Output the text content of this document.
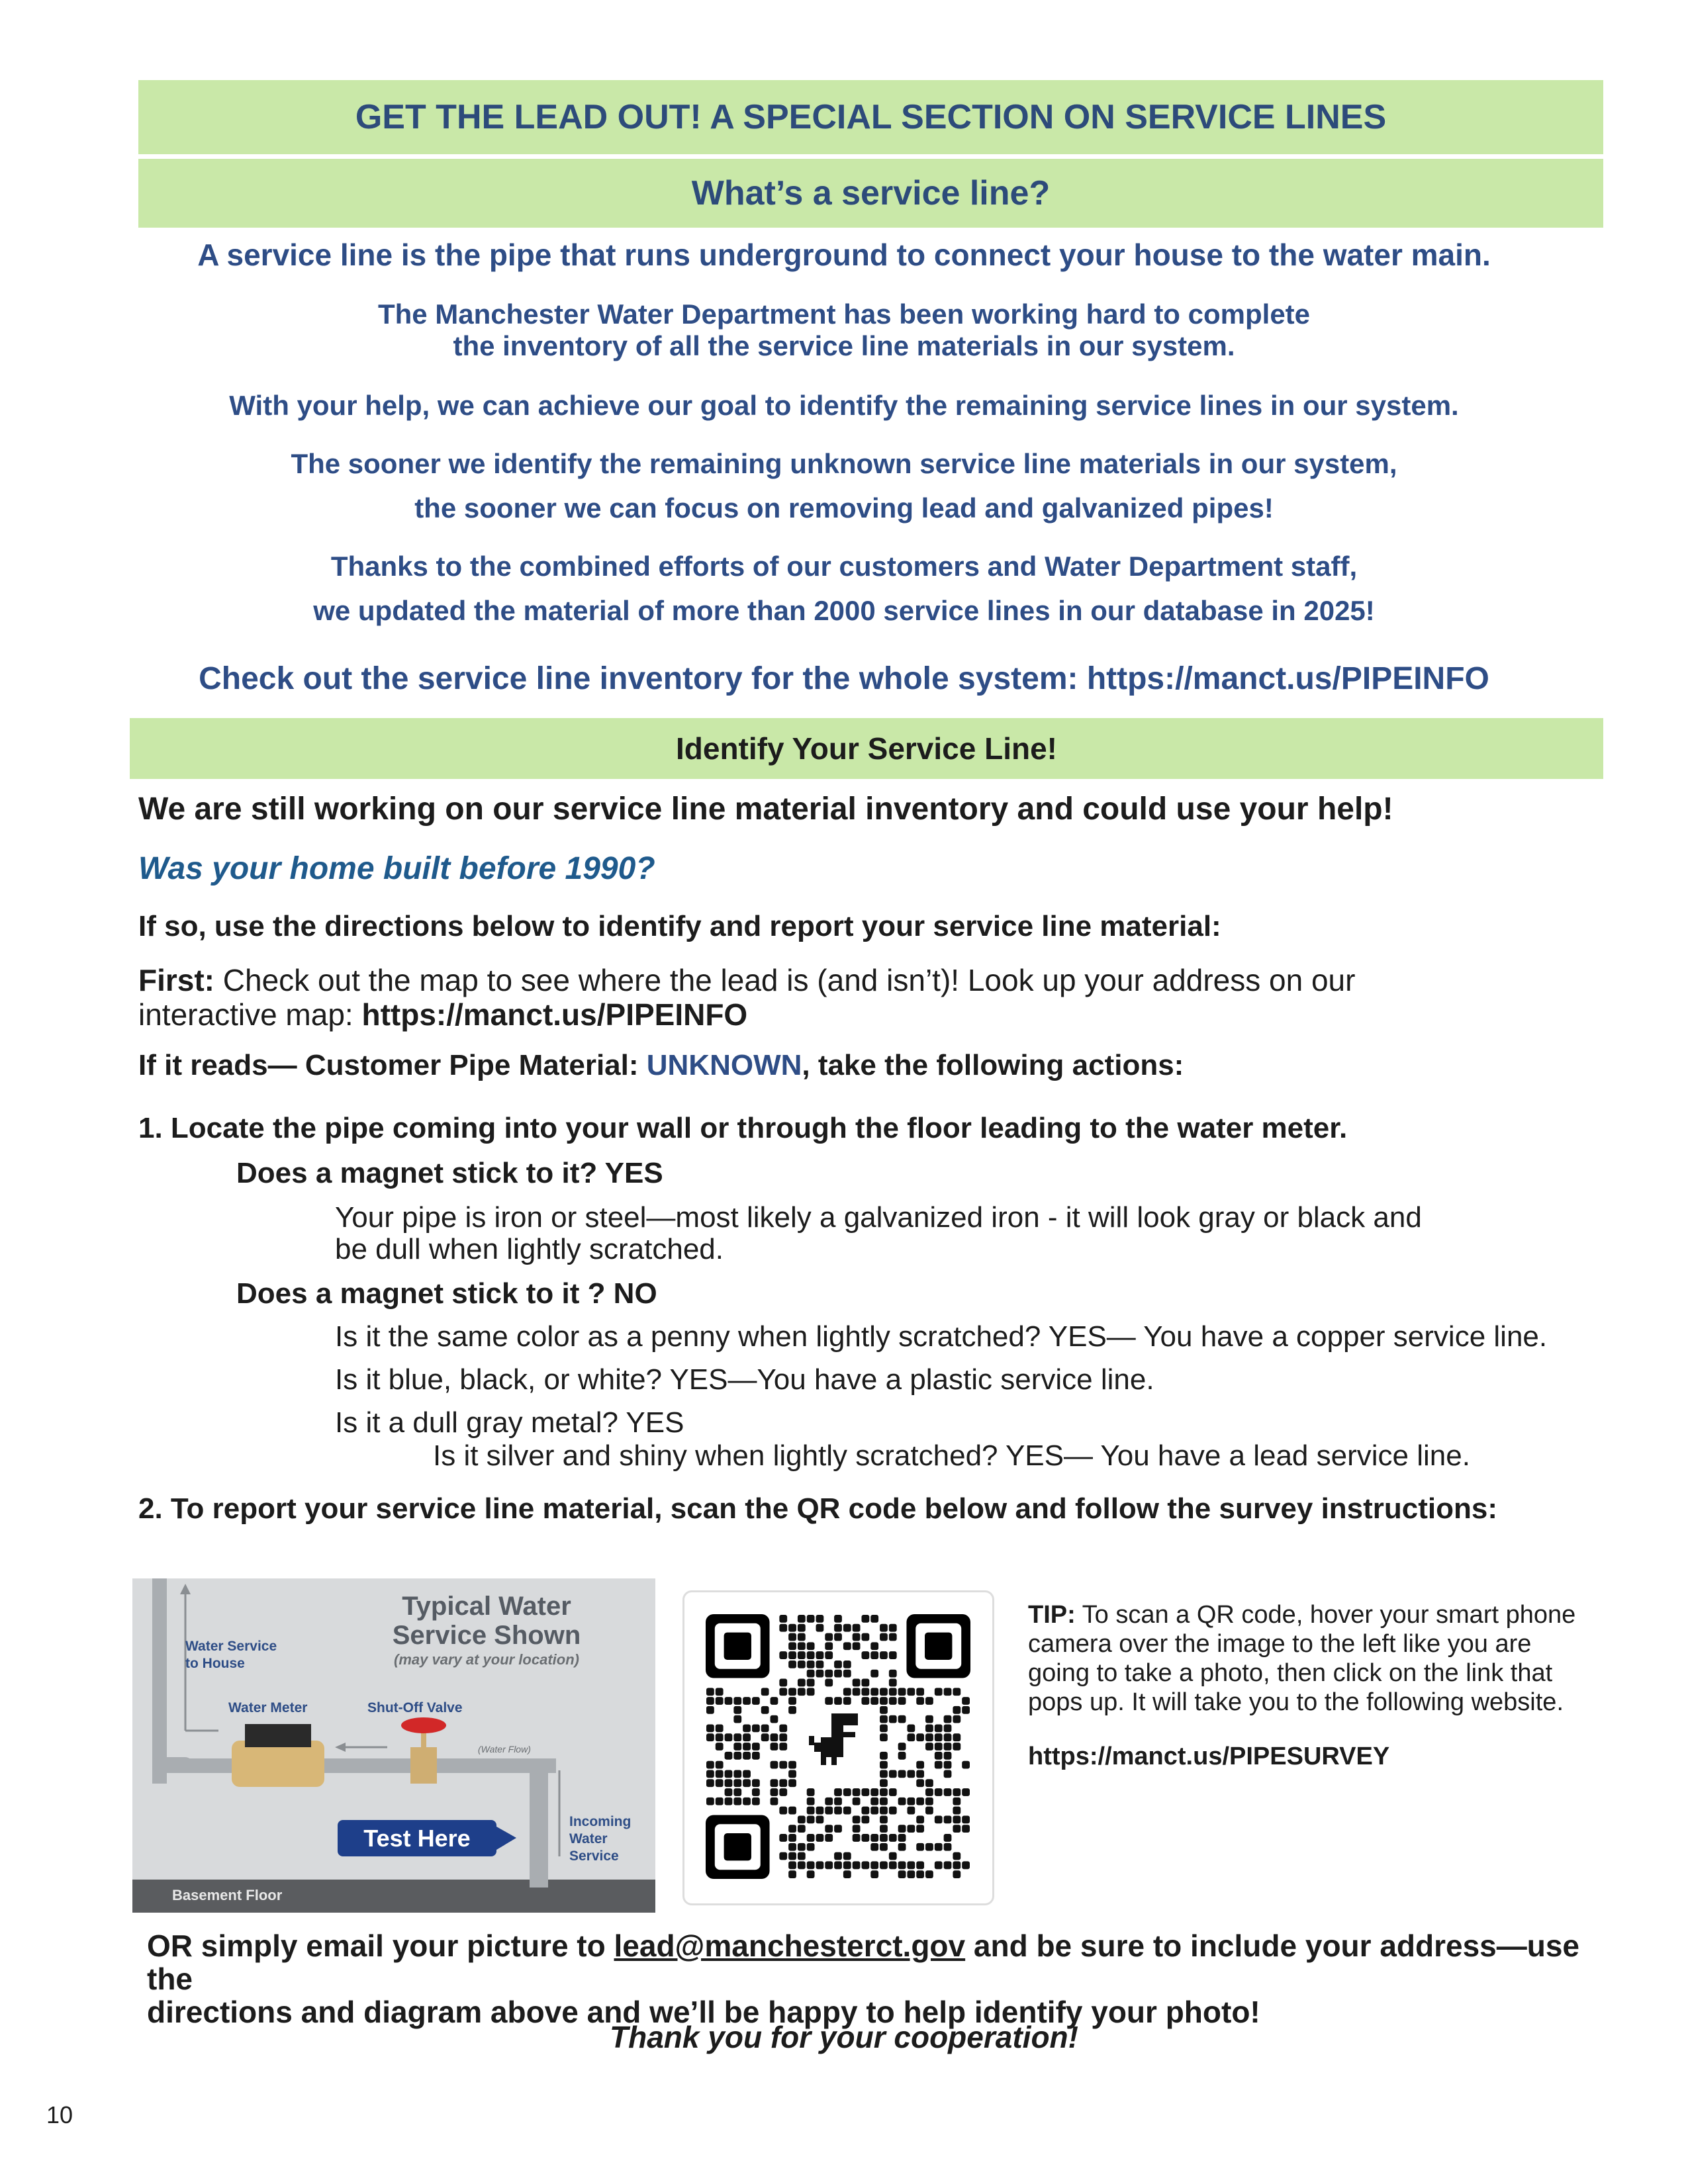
GET THE LEAD OUT! A SPECIAL SECTION ON SERVICE LINES
What’s a service line?
A service line is the pipe that runs underground to connect your house to the water main.
The Manchester Water Department has been working hard to complete
the inventory of all the service line materials in our system.
With your help, we can achieve our goal to identify the remaining service lines in our system.
The sooner we identify the remaining unknown service line materials in our system,
the sooner we can focus on removing lead and galvanized pipes!
Thanks to the combined efforts of our customers and Water Department staff,
we updated the material of more than 2000 service lines in our database in 2025!
Check out the service line inventory for the whole system: https://manct.us/PIPEINFO
Identify Your Service Line!
We are still working on our service line material inventory and could use your help!
Was your home built before 1990?
If so, use the directions below to identify and report your service line material:
First: Check out the map to see where the lead is (and isn’t)! Look up your address on our
interactive map: https://manct.us/PIPEINFO
If it reads— Customer Pipe Material: UNKNOWN, take the following actions:
1. Locate the pipe coming into your wall or through the floor leading to the water meter.
Does a magnet stick to it? YES
Your pipe is iron or steel—most likely a galvanized iron - it will look gray or black and
be dull when lightly scratched.
Does a magnet stick to it ? NO
Is it the same color as a penny when lightly scratched? YES— You have a copper service line.
Is it blue, black, or white? YES—You have a plastic service line.
Is it a dull gray metal? YES
Is it silver and shiny when lightly scratched? YES— You have a lead service line.
2. To report your service line material, scan the QR code below and follow the survey instructions:
Typical Water
Service Shown
(may vary at your location)
Water Service
to House
Water Meter	Shut-Off Valve
(Water Flow)
Test Here
Incoming
Water
Service
Basement Floor
TIP: To scan a QR code, hover your smart phone camera over the image to the left like you are going to take a photo, then click on the link that pops up. It will take you to the following website.
https://manct.us/PIPESURVEY
OR simply email your picture to lead@manchesterct.gov and be sure to include your address—use the
directions and diagram above and we’ll be happy to help identify your photo!
Thank you for your cooperation!
10
